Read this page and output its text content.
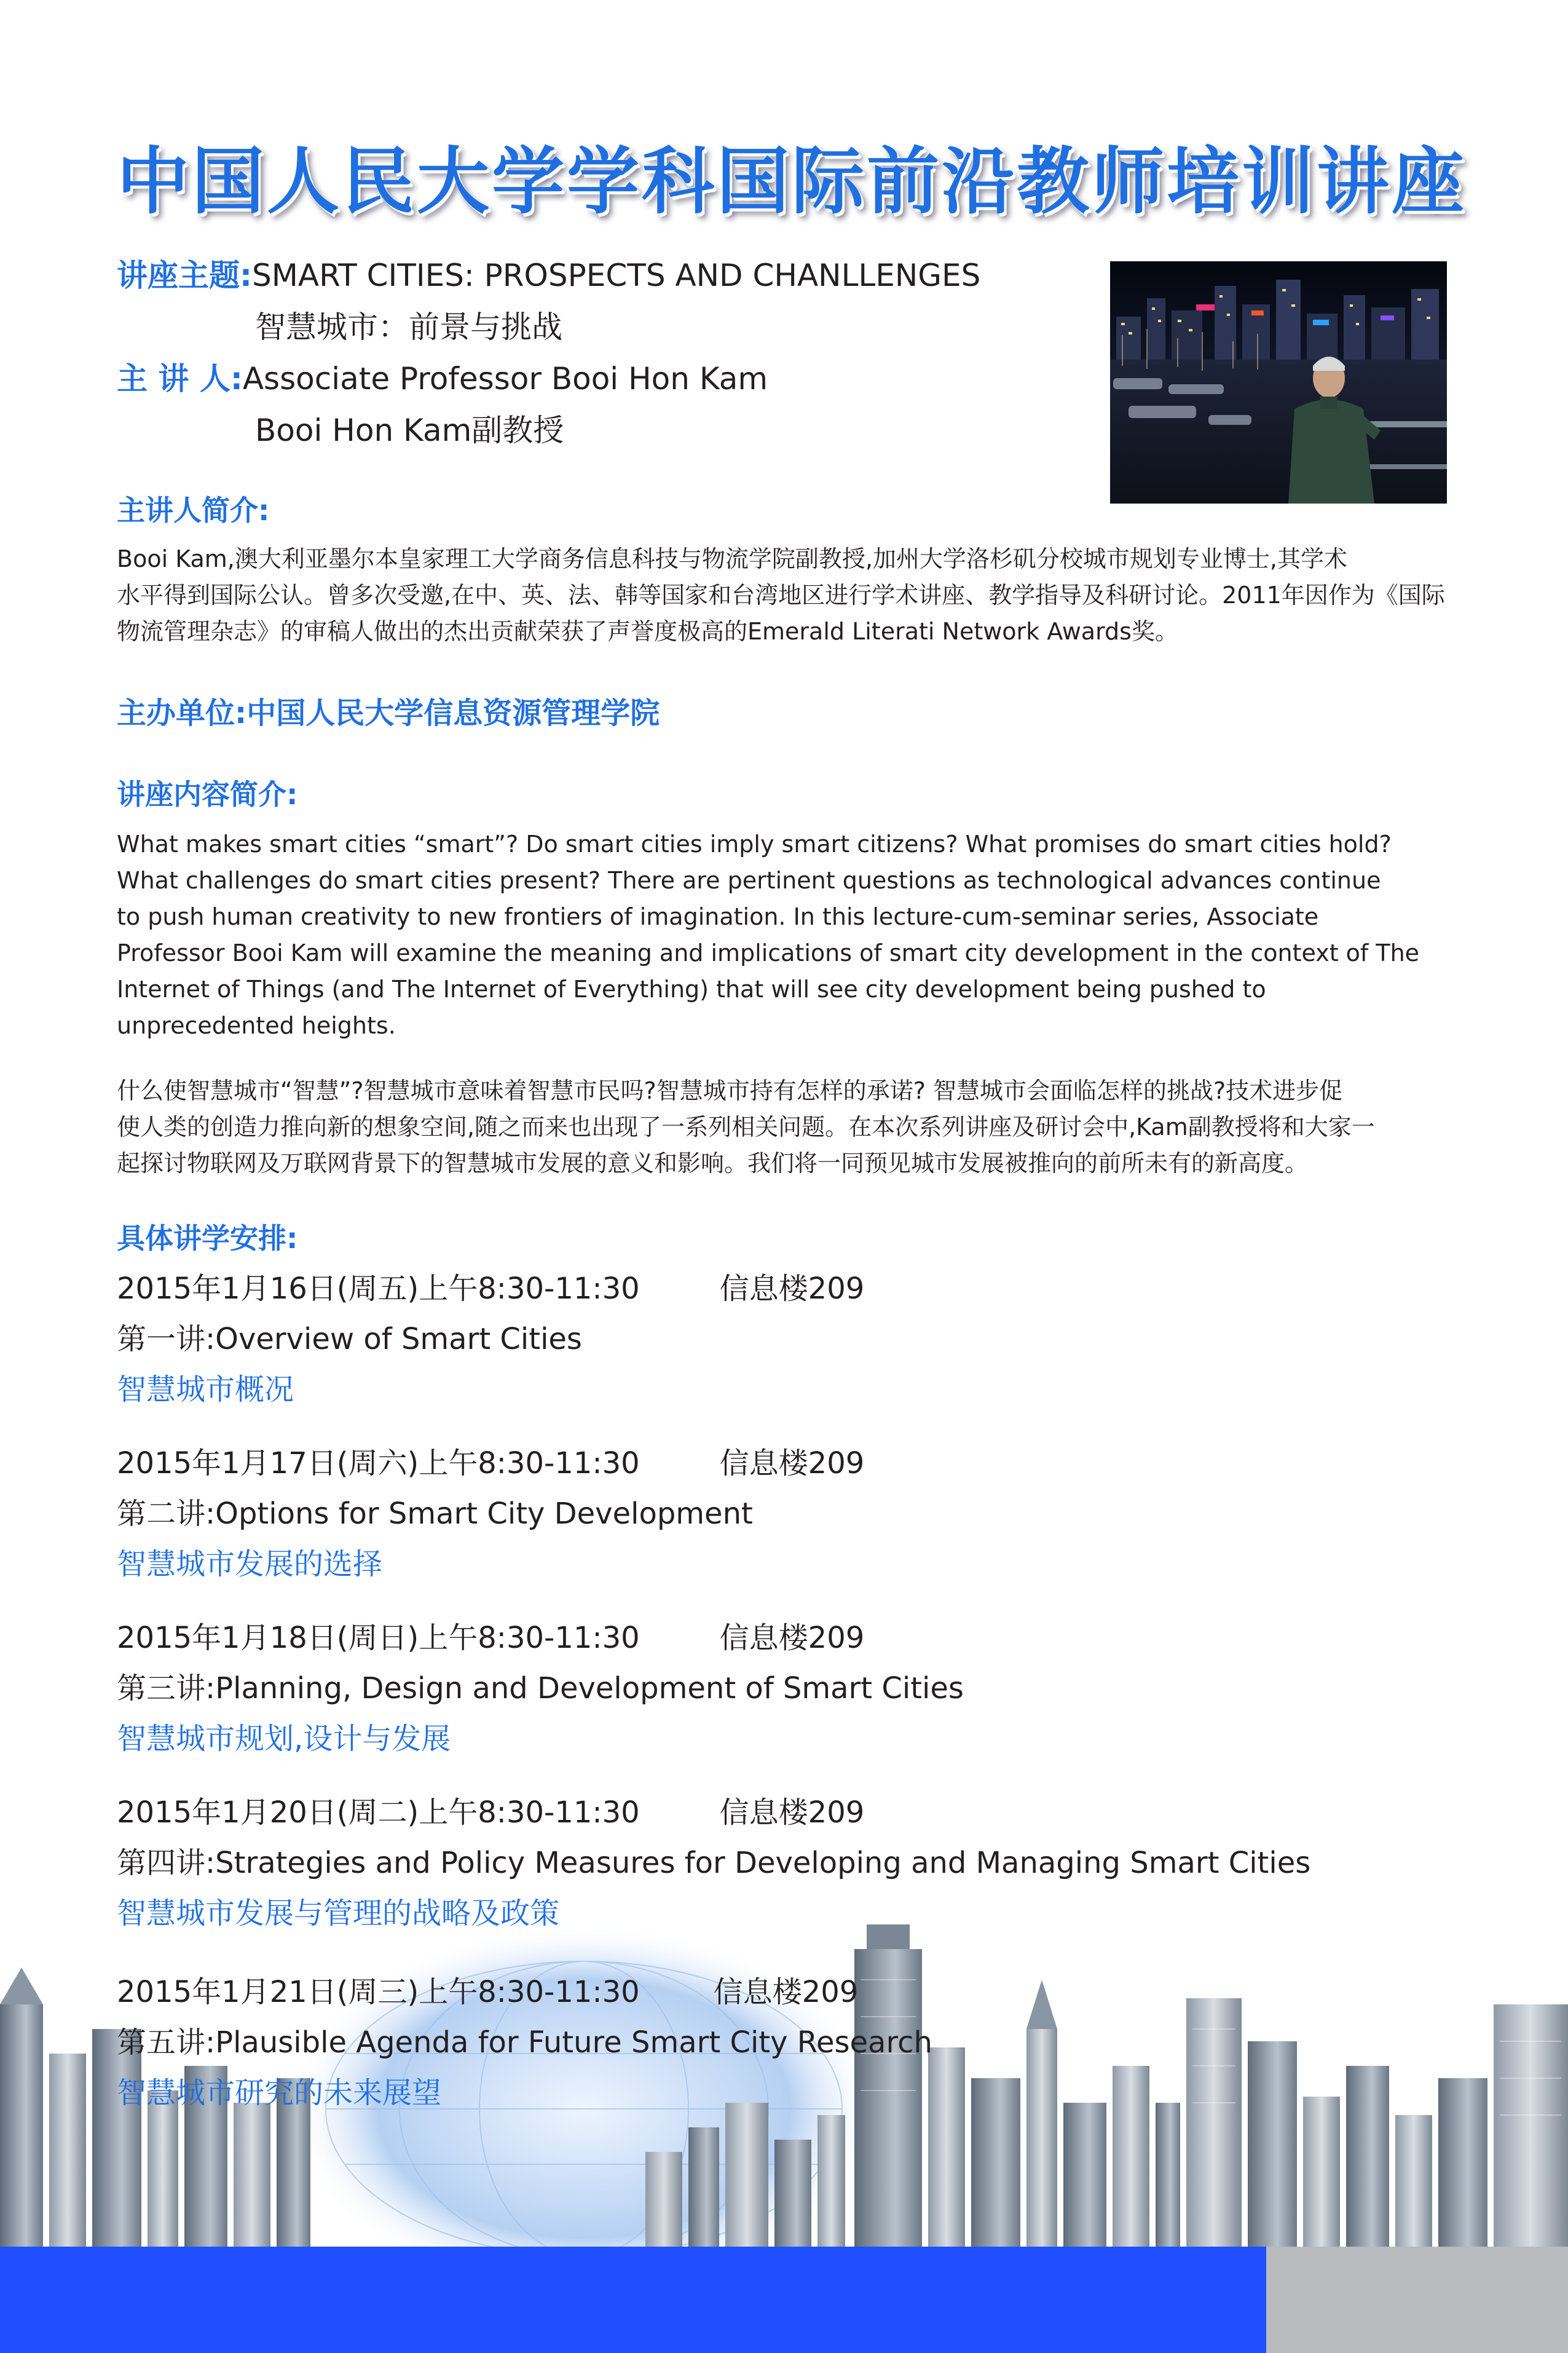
中国人民大学学科国际前沿教师培训讲座
讲座主题:SMART CITIES: PROSPECTS AND CHANLLENGES
智慧城市：前景与挑战
主 讲 人:Associate Professor Booi Hon Kam
Booi Hon Kam副教授
主讲人简介:
Booi Kam,澳大利亚墨尔本皇家理工大学商务信息科技与物流学院副教授,加州大学洛杉矶分校城市规划专业博士,其学术
水平得到国际公认。曾多次受邀,在中、英、法、韩等国家和台湾地区进行学术讲座、教学指导及科研讨论。2011年因作为《国际
物流管理杂志》的审稿人做出的杰出贡献荣获了声誉度极高的Emerald Literati Network Awards奖。
主办单位:中国人民大学信息资源管理学院
讲座内容简介:
What makes smart cities “smart”? Do smart cities imply smart citizens? What promises do smart cities hold?
What challenges do smart cities present? There are pertinent questions as technological advances continue
to push human creativity to new frontiers of imagination. In this lecture-cum-seminar series, Associate
Professor Booi Kam will examine the meaning and implications of smart city development in the context of The
Internet of Things (and The Internet of Everything) that will see city development being pushed to
unprecedented heights.
什么使智慧城市“智慧”?智慧城市意味着智慧市民吗?智慧城市持有怎样的承诺? 智慧城市会面临怎样的挑战?技术进步促
使人类的创造力推向新的想象空间,随之而来也出现了一系列相关问题。在本次系列讲座及研讨会中,Kam副教授将和大家一
起探讨物联网及万联网背景下的智慧城市发展的意义和影响。我们将一同预见城市发展被推向的前所未有的新高度。
具体讲学安排:
2015年1月16日(周五)上午8:30-11:30	信息楼209
第一讲:Overview of Smart Cities
智慧城市概况
2015年1月17日(周六)上午8:30-11:30	信息楼209
第二讲:Options for Smart City Development
智慧城市发展的选择
2015年1月18日(周日)上午8:30-11:30	信息楼209
第三讲:Planning, Design and Development of Smart Cities
智慧城市规划,设计与发展
2015年1月20日(周二)上午8:30-11:30	信息楼209
第四讲:Strategies and Policy Measures for Developing and Managing Smart Cities
智慧城市发展与管理的战略及政策
2015年1月21日(周三)上午8:30-11:30	信息楼209
第五讲:Plausible Agenda for Future Smart City Research
智慧城市研究的未来展望
